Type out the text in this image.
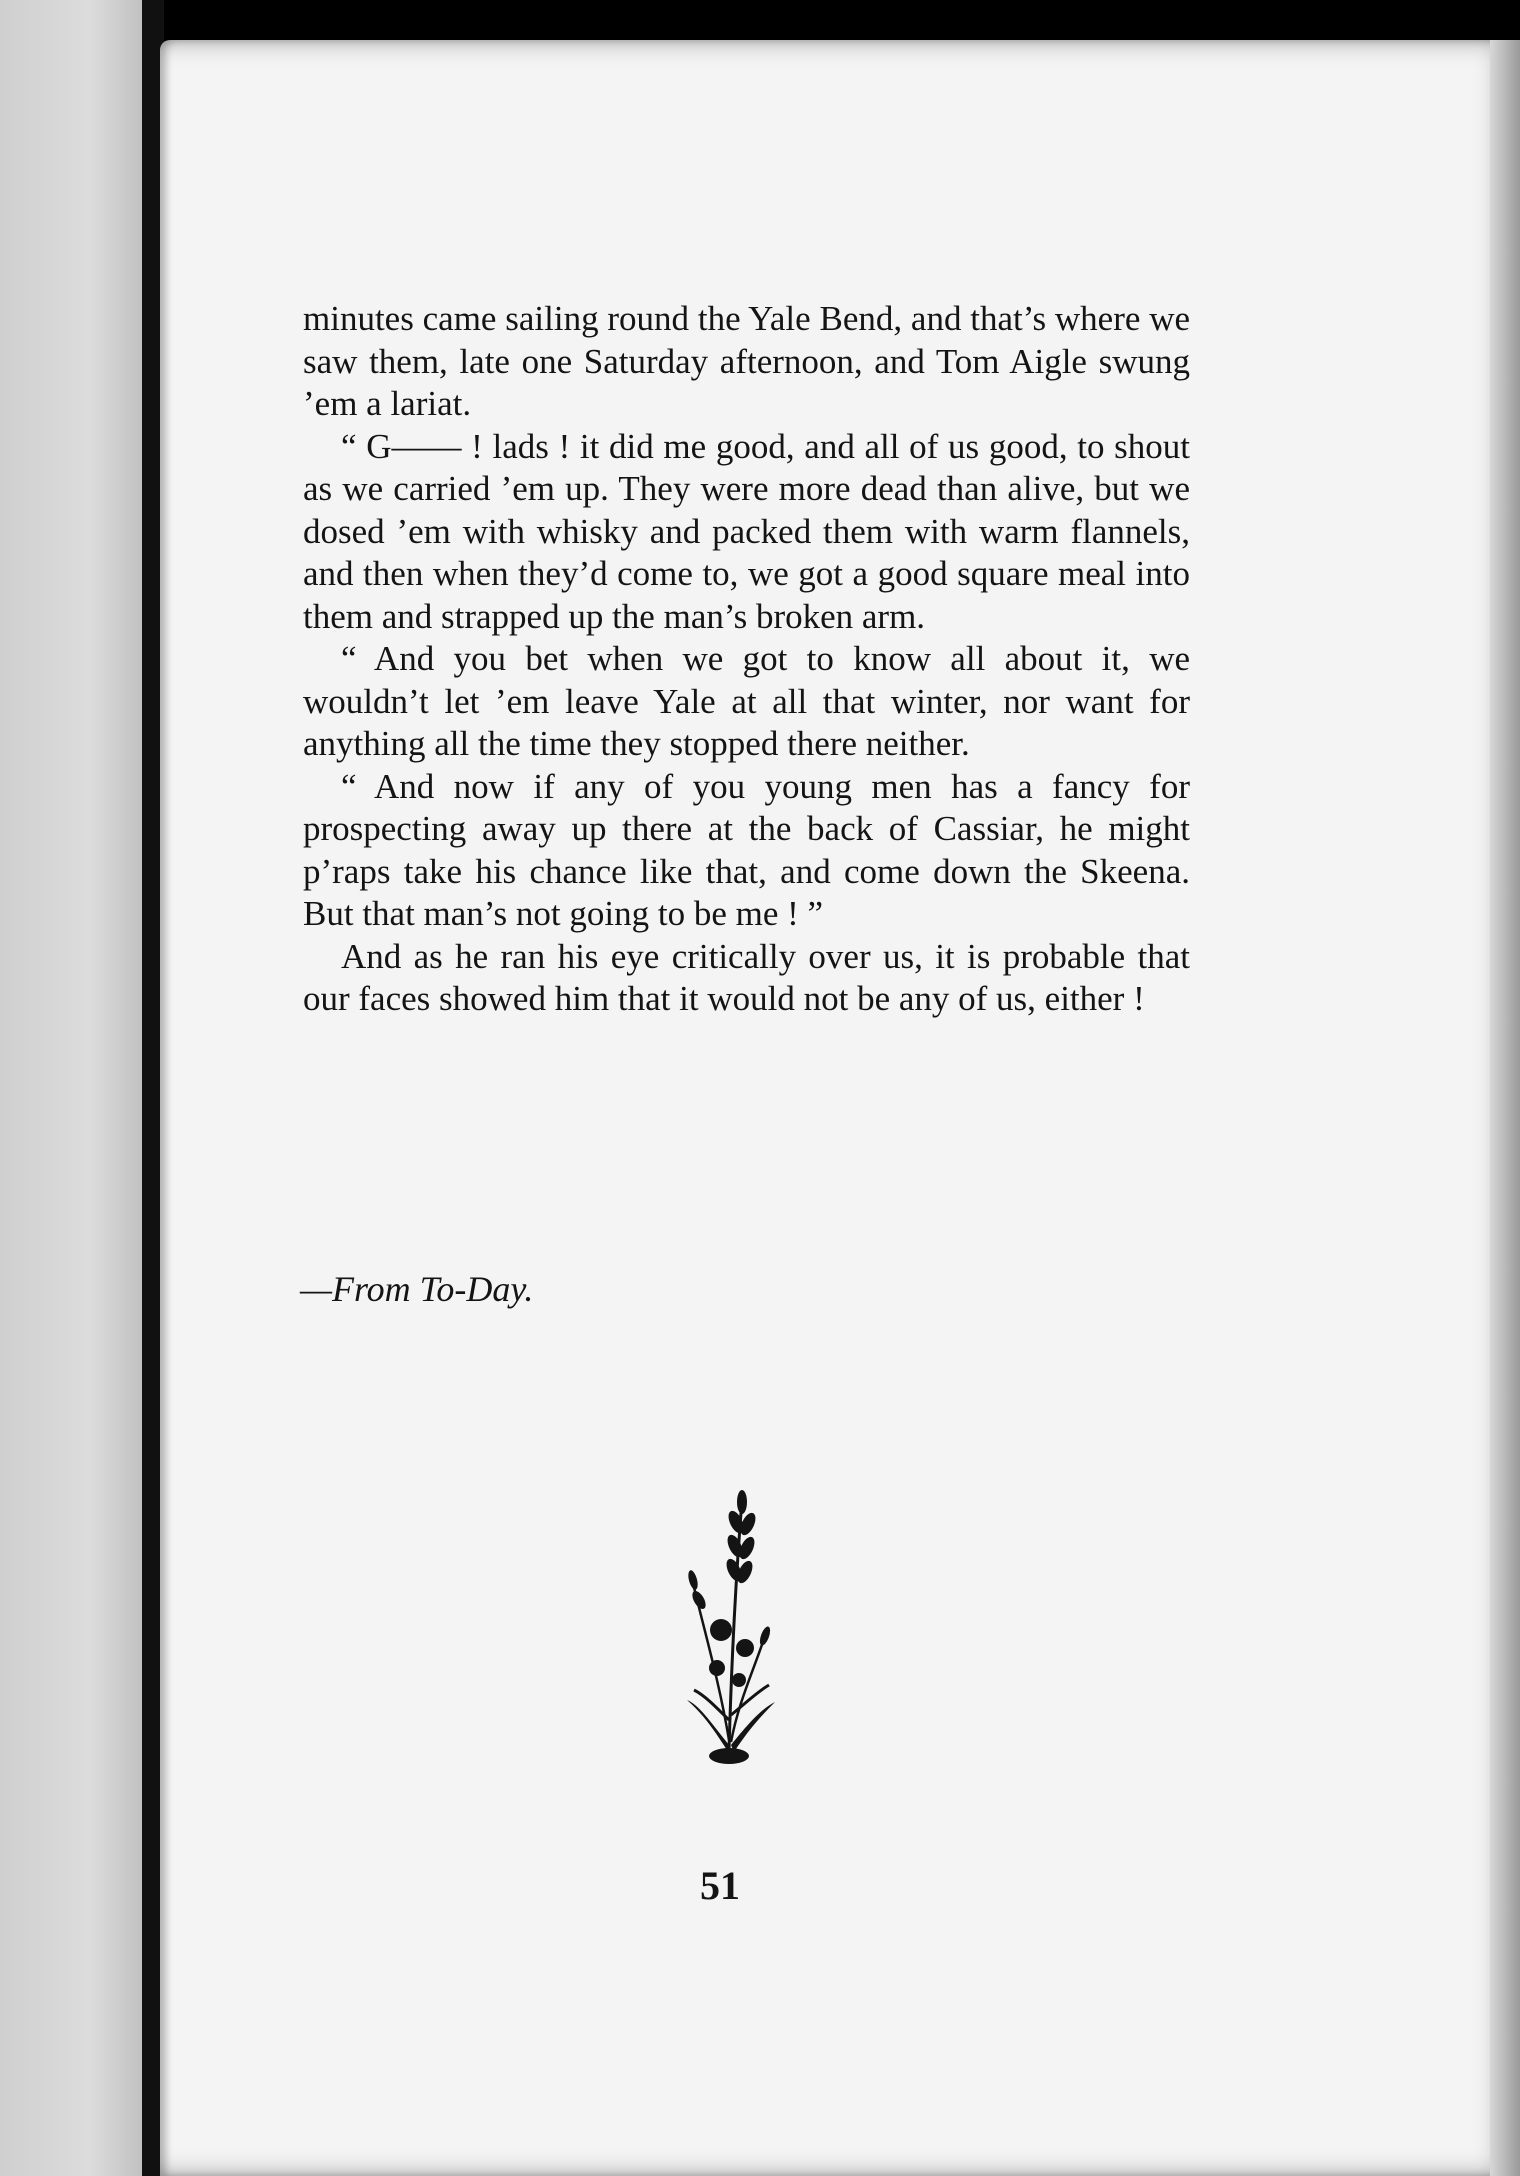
minutes came sailing round the Yale Bend, and that’s where we saw them, late one Saturday afternoon, and Tom Aigle swung ’em a lariat.

“ G—— ! lads ! it did me good, and all of us good, to shout as we carried ’em up. They were more dead than alive, but we dosed ’em with whisky and packed them with warm flannels, and then when they’d come to, we got a good square meal into them and strapped up the man’s broken arm.

“ And you bet when we got to know all about it, we wouldn’t let ’em leave Yale at all that winter, nor want for anything all the time they stopped there neither.

“ And now if any of you young men has a fancy for prospecting away up there at the back of Cassiar, he might p’raps take his chance like that, and come down the Skeena. But that man’s not going to be me ! ”

And as he ran his eye critically over us, it is probable that our faces showed him that it would not be any of us, either !

—From To-Day.
51
